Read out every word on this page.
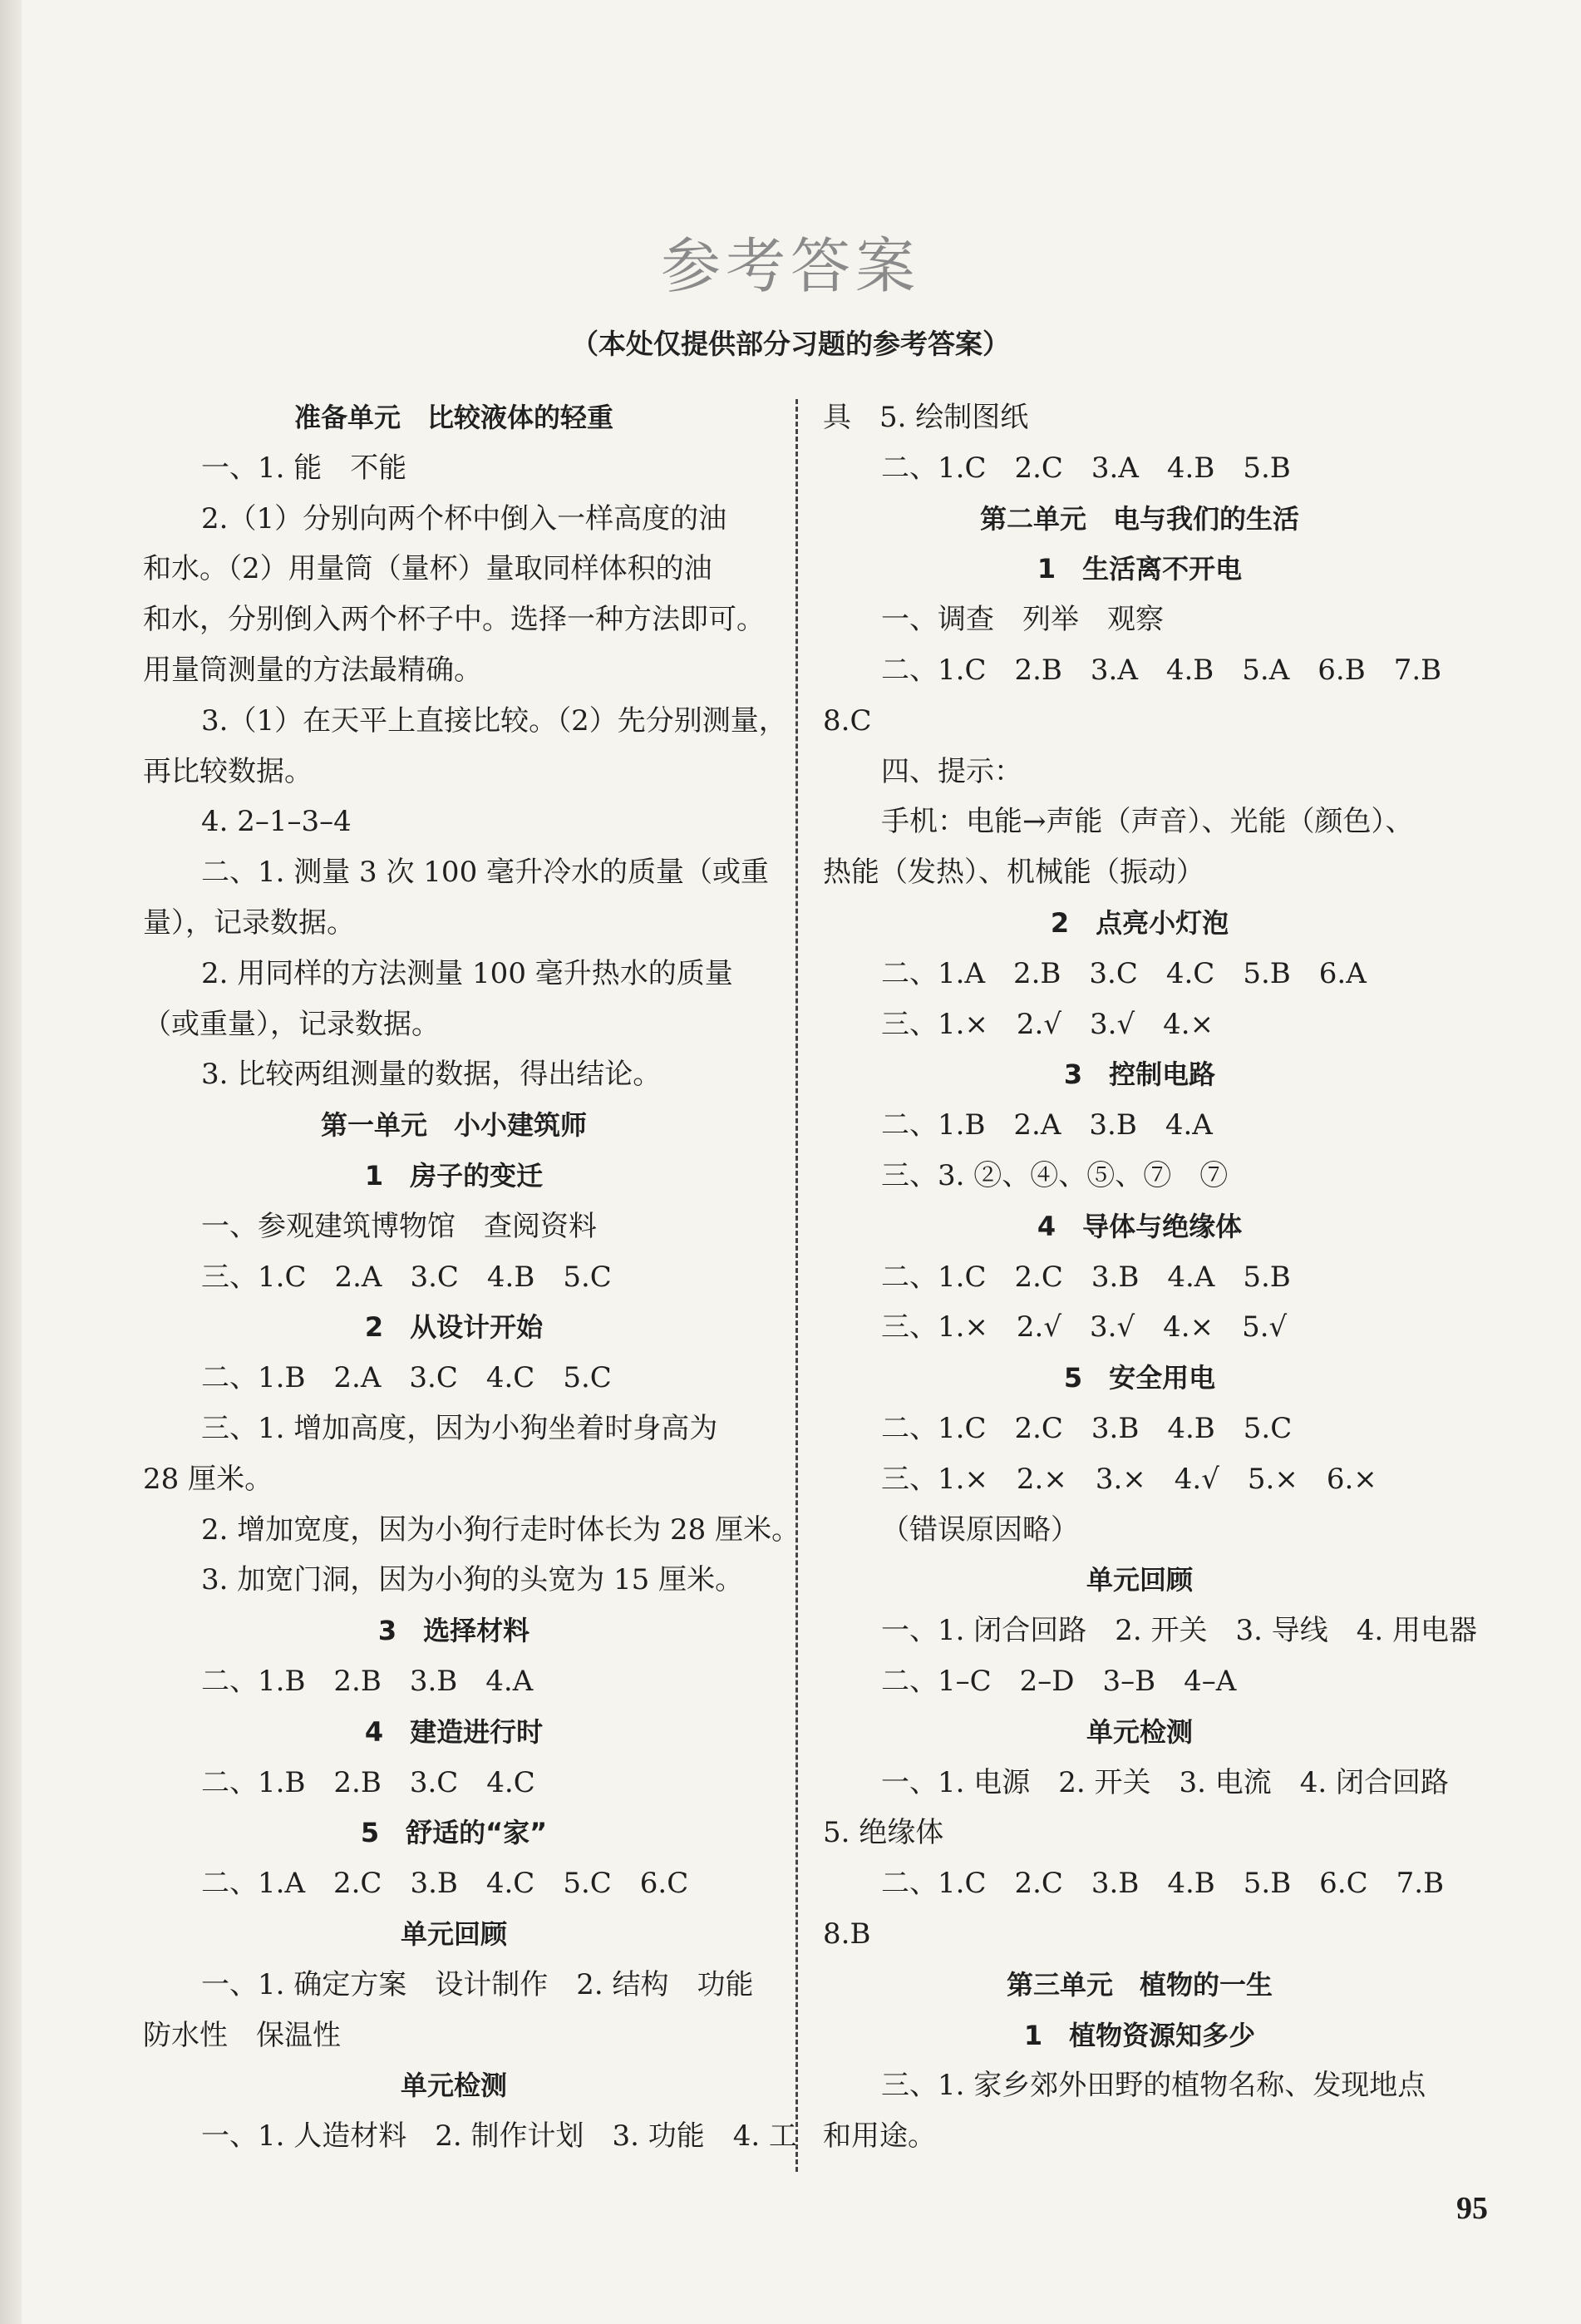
参考答案
（本处仅提供部分习题的参考答案）
准备单元　比较液体的轻重
一、1. 能　不能
2.（1）分别向两个杯中倒入一样高度的油
和水。（2）用量筒（量杯）量取同样体积的油
和水，分别倒入两个杯子中。选择一种方法即可。
用量筒测量的方法最精确。
3.（1）在天平上直接比较。（2）先分别测量，
再比较数据。
4. 2–1–3–4
二、1. 测量 3 次 100 毫升冷水的质量（或重
量），记录数据。
2. 用同样的方法测量 100 毫升热水的质量
（或重量），记录数据。
3. 比较两组测量的数据，得出结论。
第一单元　小小建筑师
1　房子的变迁
一、参观建筑博物馆　查阅资料
三、1.C　2.A　3.C　4.B　5.C
2　从设计开始
二、1.B　2.A　3.C　4.C　5.C
三、1. 增加高度，因为小狗坐着时身高为
28 厘米。
2. 增加宽度，因为小狗行走时体长为 28 厘米。
3. 加宽门洞，因为小狗的头宽为 15 厘米。
3　选择材料
二、1.B　2.B　3.B　4.A
4　建造进行时
二、1.B　2.B　3.C　4.C
5　舒适的“家”
二、1.A　2.C　3.B　4.C　5.C　6.C
单元回顾
一、1. 确定方案　设计制作　2. 结构　功能
防水性　保温性
单元检测
一、1. 人造材料　2. 制作计划　3. 功能　4. 工
具　5. 绘制图纸
二、1.C　2.C　3.A　4.B　5.B
第二单元　电与我们的生活
1　生活离不开电
一、调查　列举　观察
二、1.C　2.B　3.A　4.B　5.A　6.B　7.B
8.C
四、提示：
手机：电能→声能（声音）、光能（颜色）、
热能（发热）、机械能（振动）
2　点亮小灯泡
二、1.A　2.B　3.C　4.C　5.B　6.A
三、1.×　2.√　3.√　4.×
3　控制电路
二、1.B　2.A　3.B　4.A
三、3. ②、④、⑤、⑦　⑦
4　导体与绝缘体
二、1.C　2.C　3.B　4.A　5.B
三、1.×　2.√　3.√　4.×　5.√
5　安全用电
二、1.C　2.C　3.B　4.B　5.C
三、1.×　2.×　3.×　4.√　5.×　6.×
（错误原因略）
单元回顾
一、1. 闭合回路　2. 开关　3. 导线　4. 用电器
二、1–C　2–D　3–B　4–A
单元检测
一、1. 电源　2. 开关　3. 电流　4. 闭合回路
5. 绝缘体
二、1.C　2.C　3.B　4.B　5.B　6.C　7.B
8.B
第三单元　植物的一生
1　植物资源知多少
三、1. 家乡郊外田野的植物名称、发现地点
和用途。
95
